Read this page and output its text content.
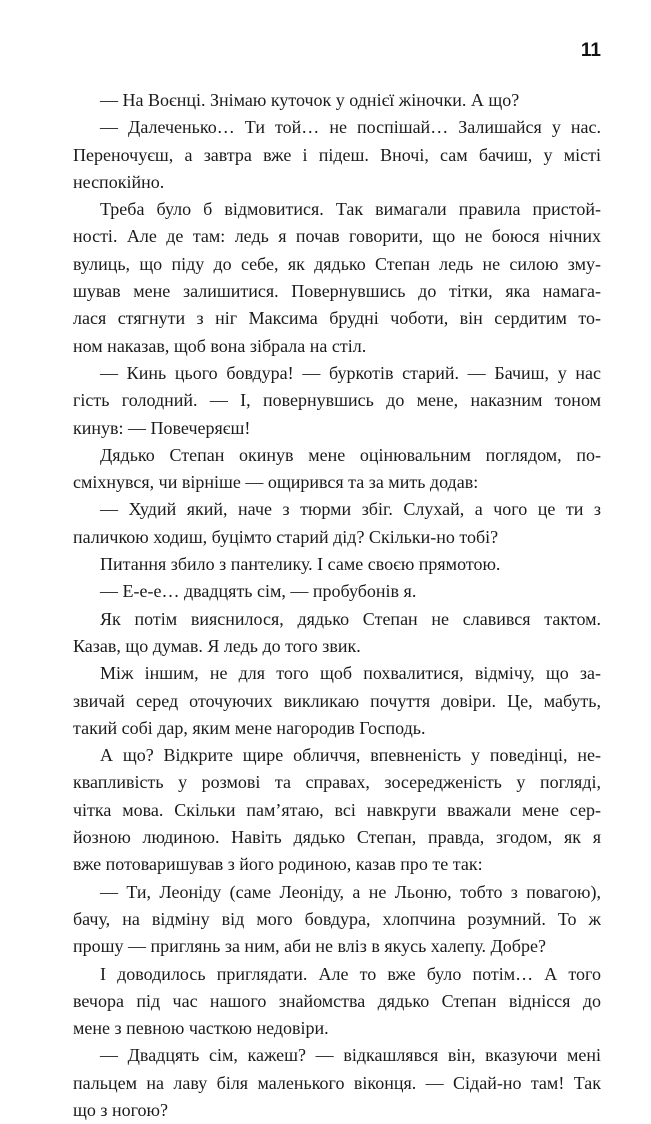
11
— На Воєнці. Знімаю куточок у однієї жіночки. А що?
— Далеченько… Ти той… не поспішай… Залишайся у нас.
Переночуєш, а завтра вже і підеш. Вночі, сам бачиш, у місті
неспокійно.
Треба було б відмовитися. Так вимагали правила пристой-
ності. Але де там: ледь я почав говорити, що не боюся нічних
вулиць, що піду до себе, як дядько Степан ледь не силою зму-
шував мене залишитися. Повернувшись до тітки, яка намага-
лася стягнути з ніг Максима брудні чоботи, він сердитим то-
ном наказав, щоб вона зібрала на стіл.
— Кинь цього бовдура! — буркотів старий. — Бачиш, у нас
гість голодний. — І, повернувшись до мене, наказним тоном
кинув: — Повечеряєш!
Дядько Степан окинув мене оцінювальним поглядом, по-
сміхнувся, чи вірніше — ощирився та за мить додав:
— Худий який, наче з тюрми збіг. Слухай, а чого це ти з
паличкою ходиш, буцімто старий дід? Скільки-но тобі?
Питання збило з пантелику. І саме своєю прямотою.
— Е-е-е… двадцять сім, — пробубонів я.
Як потім вияснилося, дядько Степан не славився тактом.
Казав, що думав. Я ледь до того звик.
Між іншим, не для того щоб похвалитися, відмічу, що за-
звичай серед оточуючих викликаю почуття довіри. Це, мабуть,
такий собі дар, яким мене нагородив Господь.
А що? Відкрите щире обличчя, впевненість у поведінці, не-
квапливість у розмові та справах, зосередженість у погляді,
чітка мова. Скільки пам’ятаю, всі навкруги вважали мене сер-
йозною людиною. Навіть дядько Степан, правда, згодом, як я
вже потоваришував з його родиною, казав про те так:
— Ти, Леоніду (саме Леоніду, а не Льоню, тобто з повагою),
бачу, на відміну від мого бовдура, хлопчина розумний. То ж
прошу — приглянь за ним, аби не вліз в якусь халепу. Добре?
І доводилось приглядати. Але то вже було потім… А того
вечора під час нашого знайомства дядько Степан віднісся до
мене з певною часткою недовіри.
— Двадцять сім, кажеш? — відкашлявся він, вказуючи мені
пальцем на лаву біля маленького віконця. — Сідай-но там! Так
що з ногою?
